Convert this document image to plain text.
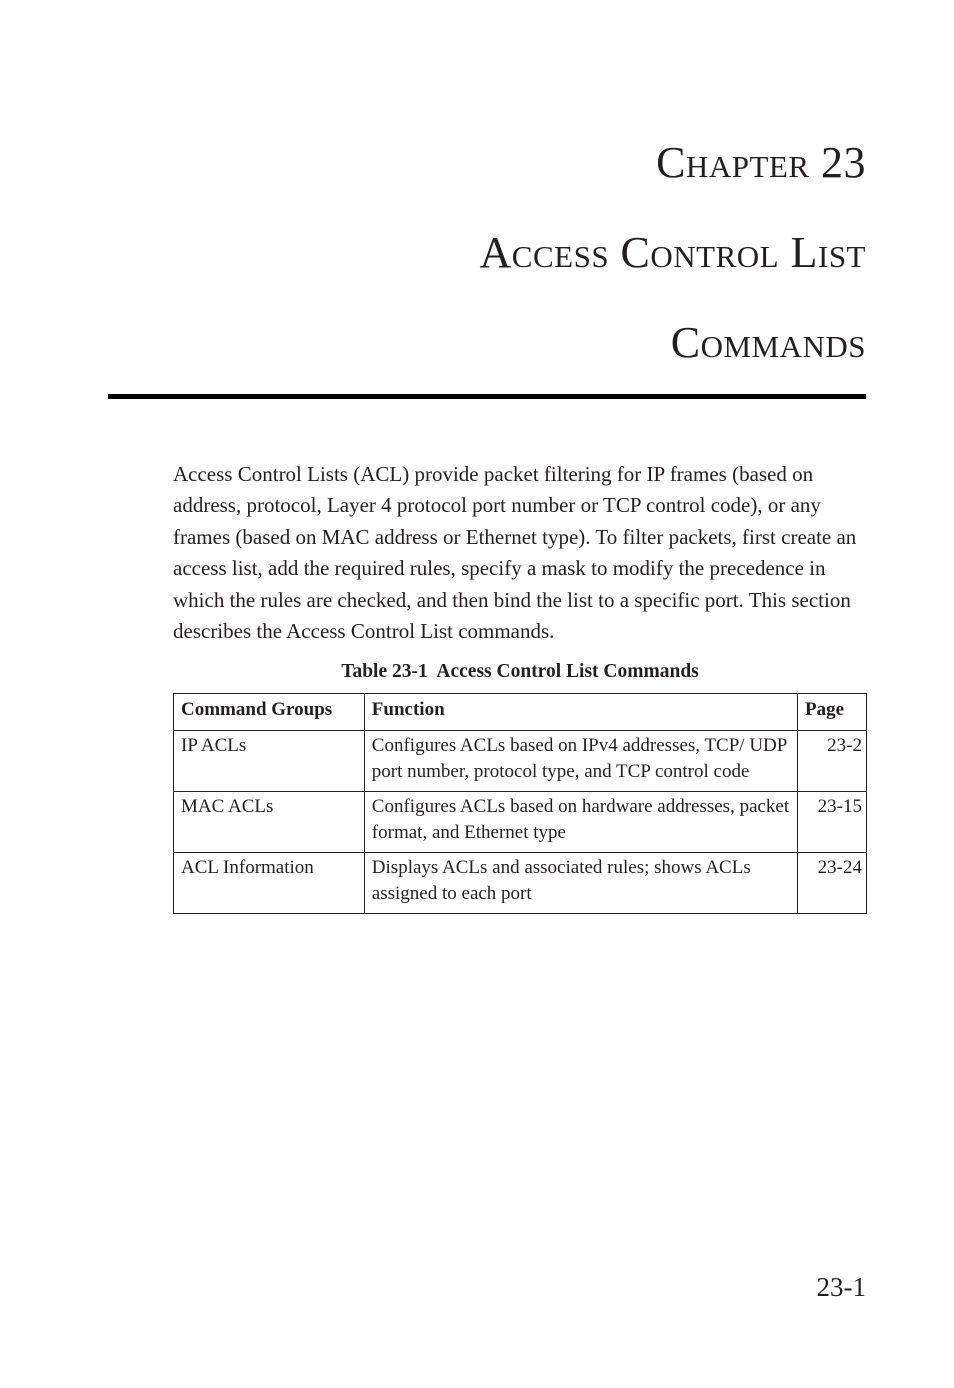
Chapter 23
Access Control List
Commands

Access Control Lists (ACL) provide packet filtering for IP frames (based on address, protocol, Layer 4 protocol port number or TCP control code), or any frames (based on MAC address or Ethernet type). To filter packets, first create an access list, add the required rules, specify a mask to modify the precedence in which the rules are checked, and then bind the list to a specific port. This section describes the Access Control List commands.

Table 23-1  Access Control List Commands
Command Groups	Function	Page
IP ACLs	Configures ACLs based on IPv4 addresses, TCP/ UDP port number, protocol type, and TCP control code	23-2
MAC ACLs	Configures ACLs based on hardware addresses, packet format, and Ethernet type	23-15
ACL Information	Displays ACLs and associated rules; shows ACLs assigned to each port	23-24
23-1
